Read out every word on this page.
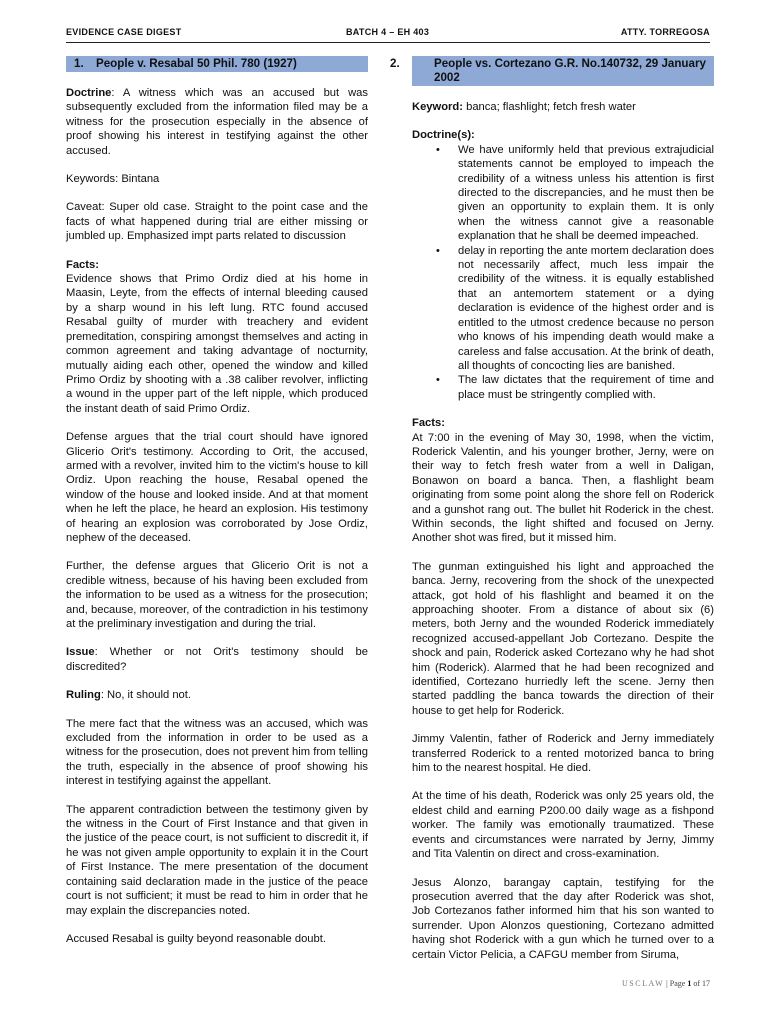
EVIDENCE CASE DIGEST	BATCH 4 – EH 403	ATTY. TORREGOSA
1. People v. Resabal 50 Phil. 780 (1927)

Doctrine: A witness which was an accused but was subsequently excluded from the information filed may be a witness for the prosecution especially in the absence of proof showing his interest in testifying against the other accused.

Keywords: Bintana

Caveat: Super old case. Straight to the point case and the facts of what happened during trial are either missing or jumbled up. Emphasized impt parts related to discussion

Facts:

Evidence shows that Primo Ordiz died at his home in Maasin, Leyte, from the effects of internal bleeding caused by a sharp wound in his left lung. RTC found accused Resabal guilty of murder with treachery and evident premeditation, conspiring amongst themselves and acting in common agreement and taking advantage of nocturnity, mutually aiding each other, opened the window and killed Primo Ordiz by shooting with a .38 caliber revolver, inflicting a wound in the upper part of the left nipple, which produced the instant death of said Primo Ordiz.

Defense argues that the trial court should have ignored Glicerio Orit's testimony. According to Orit, the accused, armed with a revolver, invited him to the victim's house to kill Ordiz. Upon reaching the house, Resabal opened the window of the house and looked inside. And at that moment when he left the place, he heard an explosion. His testimony of hearing an explosion was corroborated by Jose Ordiz, nephew of the deceased.

Further, the defense argues that Glicerio Orit is not a credible witness, because of his having been excluded from the information to be used as a witness for the prosecution; and, because, moreover, of the contradiction in his testimony at the preliminary investigation and during the trial.

Issue: Whether or not Orit's testimony should be discredited?

Ruling: No, it should not.

The mere fact that the witness was an accused, which was excluded from the information in order to be used as a witness for the prosecution, does not prevent him from telling the truth, especially in the absence of proof showing his interest in testifying against the appellant.

The apparent contradiction between the testimony given by the witness in the Court of First Instance and that given in the justice of the peace court, is not sufficient to discredit it, if he was not given ample opportunity to explain it in the Court of First Instance. The mere presentation of the document containing said declaration made in the justice of the peace court is not sufficient; it must be read to him in order that he may explain the discrepancies noted.

Accused Resabal is guilty beyond reasonable doubt.

2.	People vs. Cortezano G.R. No.140732, 29 January 2002

Keyword: banca; flashlight; fetch fresh water

Doctrine(s):
• We have uniformly held that previous extrajudicial statements cannot be employed to impeach the credibility of a witness unless his attention is first directed to the discrepancies, and he must then be given an opportunity to explain them. It is only when the witness cannot give a reasonable explanation that he shall be deemed impeached.
• delay in reporting the ante mortem declaration does not necessarily affect, much less impair the credibility of the witness. it is equally established that an antemortem statement or a dying declaration is evidence of the highest order and is entitled to the utmost credence because no person who knows of his impending death would make a careless and false accusation. At the brink of death, all thoughts of concocting lies are banished.
• The law dictates that the requirement of time and place must be stringently complied with.
Facts:

At 7:00 in the evening of May 30, 1998, when the victim, Roderick Valentin, and his younger brother, Jerny, were on their way to fetch fresh water from a well in Daligan, Bonawon on board a banca. Then, a flashlight beam originating from some point along the shore fell on Roderick and a gunshot rang out. The bullet hit Roderick in the chest. Within seconds, the light shifted and focused on Jerny. Another shot was fired, but it missed him.

The gunman extinguished his light and approached the banca. Jerny, recovering from the shock of the unexpected attack, got hold of his flashlight and beamed it on the approaching shooter. From a distance of about six (6) meters, both Jerny and the wounded Roderick immediately recognized accused-appellant Job Cortezano. Despite the shock and pain, Roderick asked Cortezano why he had shot him (Roderick). Alarmed that he had been recognized and identified, Cortezano hurriedly left the scene. Jerny then started paddling the banca towards the direction of their house to get help for Roderick.

Jimmy Valentin, father of Roderick and Jerny immediately transferred Roderick to a rented motorized banca to bring him to the nearest hospital. He died.

At the time of his death, Roderick was only 25 years old, the eldest child and earning P200.00 daily wage as a fishpond worker. The family was emotionally traumatized. These events and circumstances were narrated by Jerny, Jimmy and Tita Valentin on direct and cross-examination.

Jesus Alonzo, barangay captain, testifying for the prosecution averred that the day after Roderick was shot, Job Cortezanos father informed him that his son wanted to surrender. Upon Alonzos questioning, Cortezano admitted having shot Roderick with a gun which he turned over to a certain Victor Pelicia, a CAFGU member from Siruma,

USCLAW | Page 1 of 17
